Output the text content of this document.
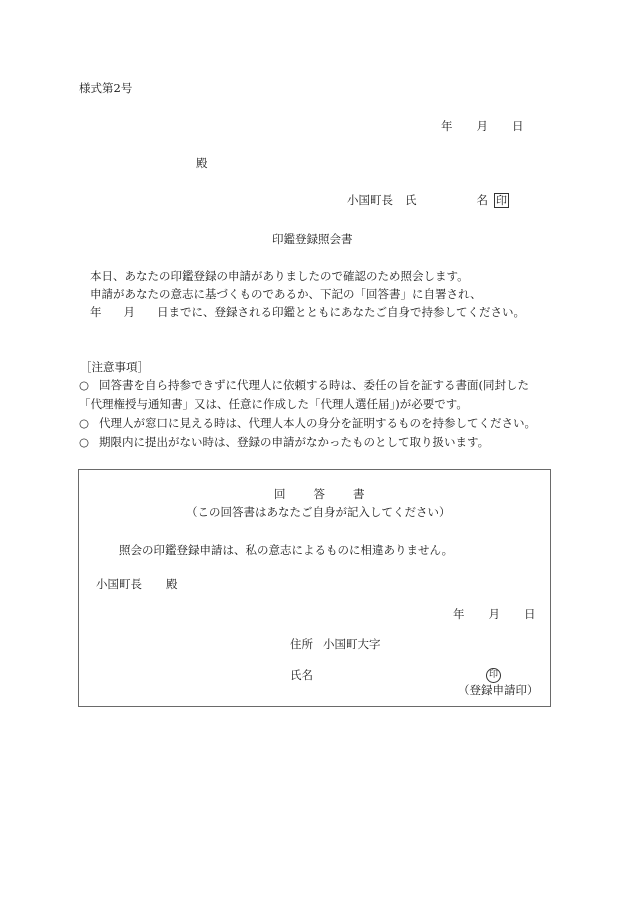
様式第2号
年 月 日
殿
小国町長 氏	名 印
印鑑登録照会書
本日、あなたの印鑑登録の申請がありましたので確認のため照会します。
申請があなたの意志に基づくものであるか、下記の「回答書」に自署され、
年 月 日までに、登録される印鑑とともにあなたご自身で持参してください。
［注意事項］
○ 回答書を自ら持参できずに代理人に依頼する時は、委任の旨を証する書面(同封した
「代理権授与通知書」又は、任意に作成した「代理人選任届」)が必要です。
○ 代理人が窓口に見える時は、代理人本人の身分を証明するものを持参してください。
○ 期限内に提出がない時は、登録の申請がなかったものとして取り扱います。
回 答 書
（この回答書はあなたご自身が記入してください）
照会の印鑑登録申請は、私の意志によるものに相違ありません。
小国町長 殿
年 月 日
住所 小国町大字
氏名	印
（登録申請印）
